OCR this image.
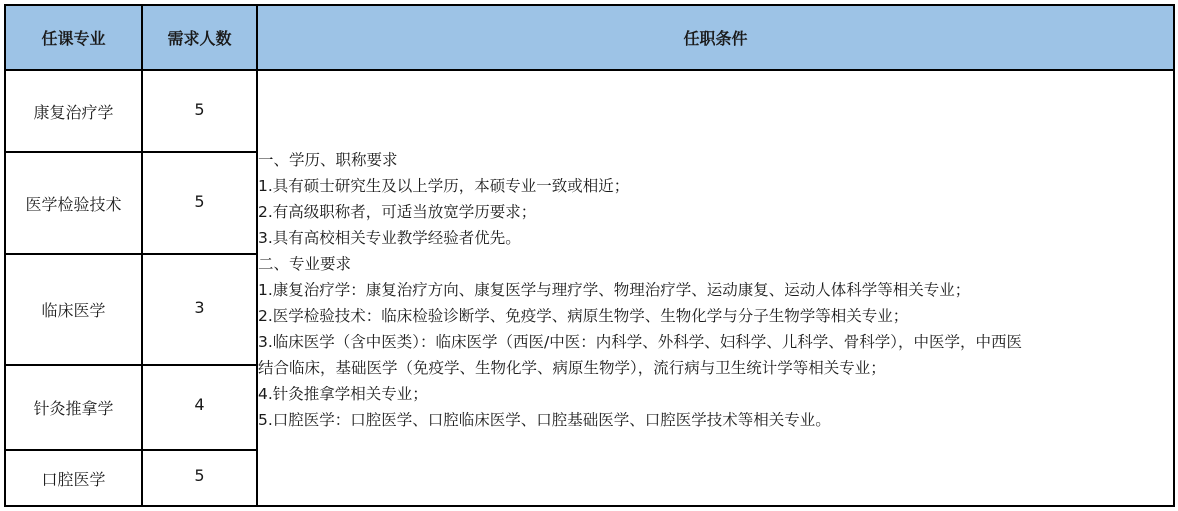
任课专业	需求人数	任职条件
康复治疗学	5
医学检验技术	5
临床医学	3
针灸推拿学	4
口腔医学	5
一、学历、职称要求
1.具有硕士研究生及以上学历，本硕专业一致或相近；
2.有高级职称者，可适当放宽学历要求；
3.具有高校相关专业教学经验者优先。
二、专业要求
1.康复治疗学：康复治疗方向、康复医学与理疗学、物理治疗学、运动康复、运动人体科学等相关专业；
2.医学检验技术：临床检验诊断学、免疫学、病原生物学、生物化学与分子生物学等相关专业；
3.临床医学（含中医类）：临床医学（西医/中医：内科学、外科学、妇科学、儿科学、骨科学），中医学，中西医
结合临床，基础医学（免疫学、生物化学、病原生物学），流行病与卫生统计学等相关专业；
4.针灸推拿学相关专业；
5.口腔医学：口腔医学、口腔临床医学、口腔基础医学、口腔医学技术等相关专业。
